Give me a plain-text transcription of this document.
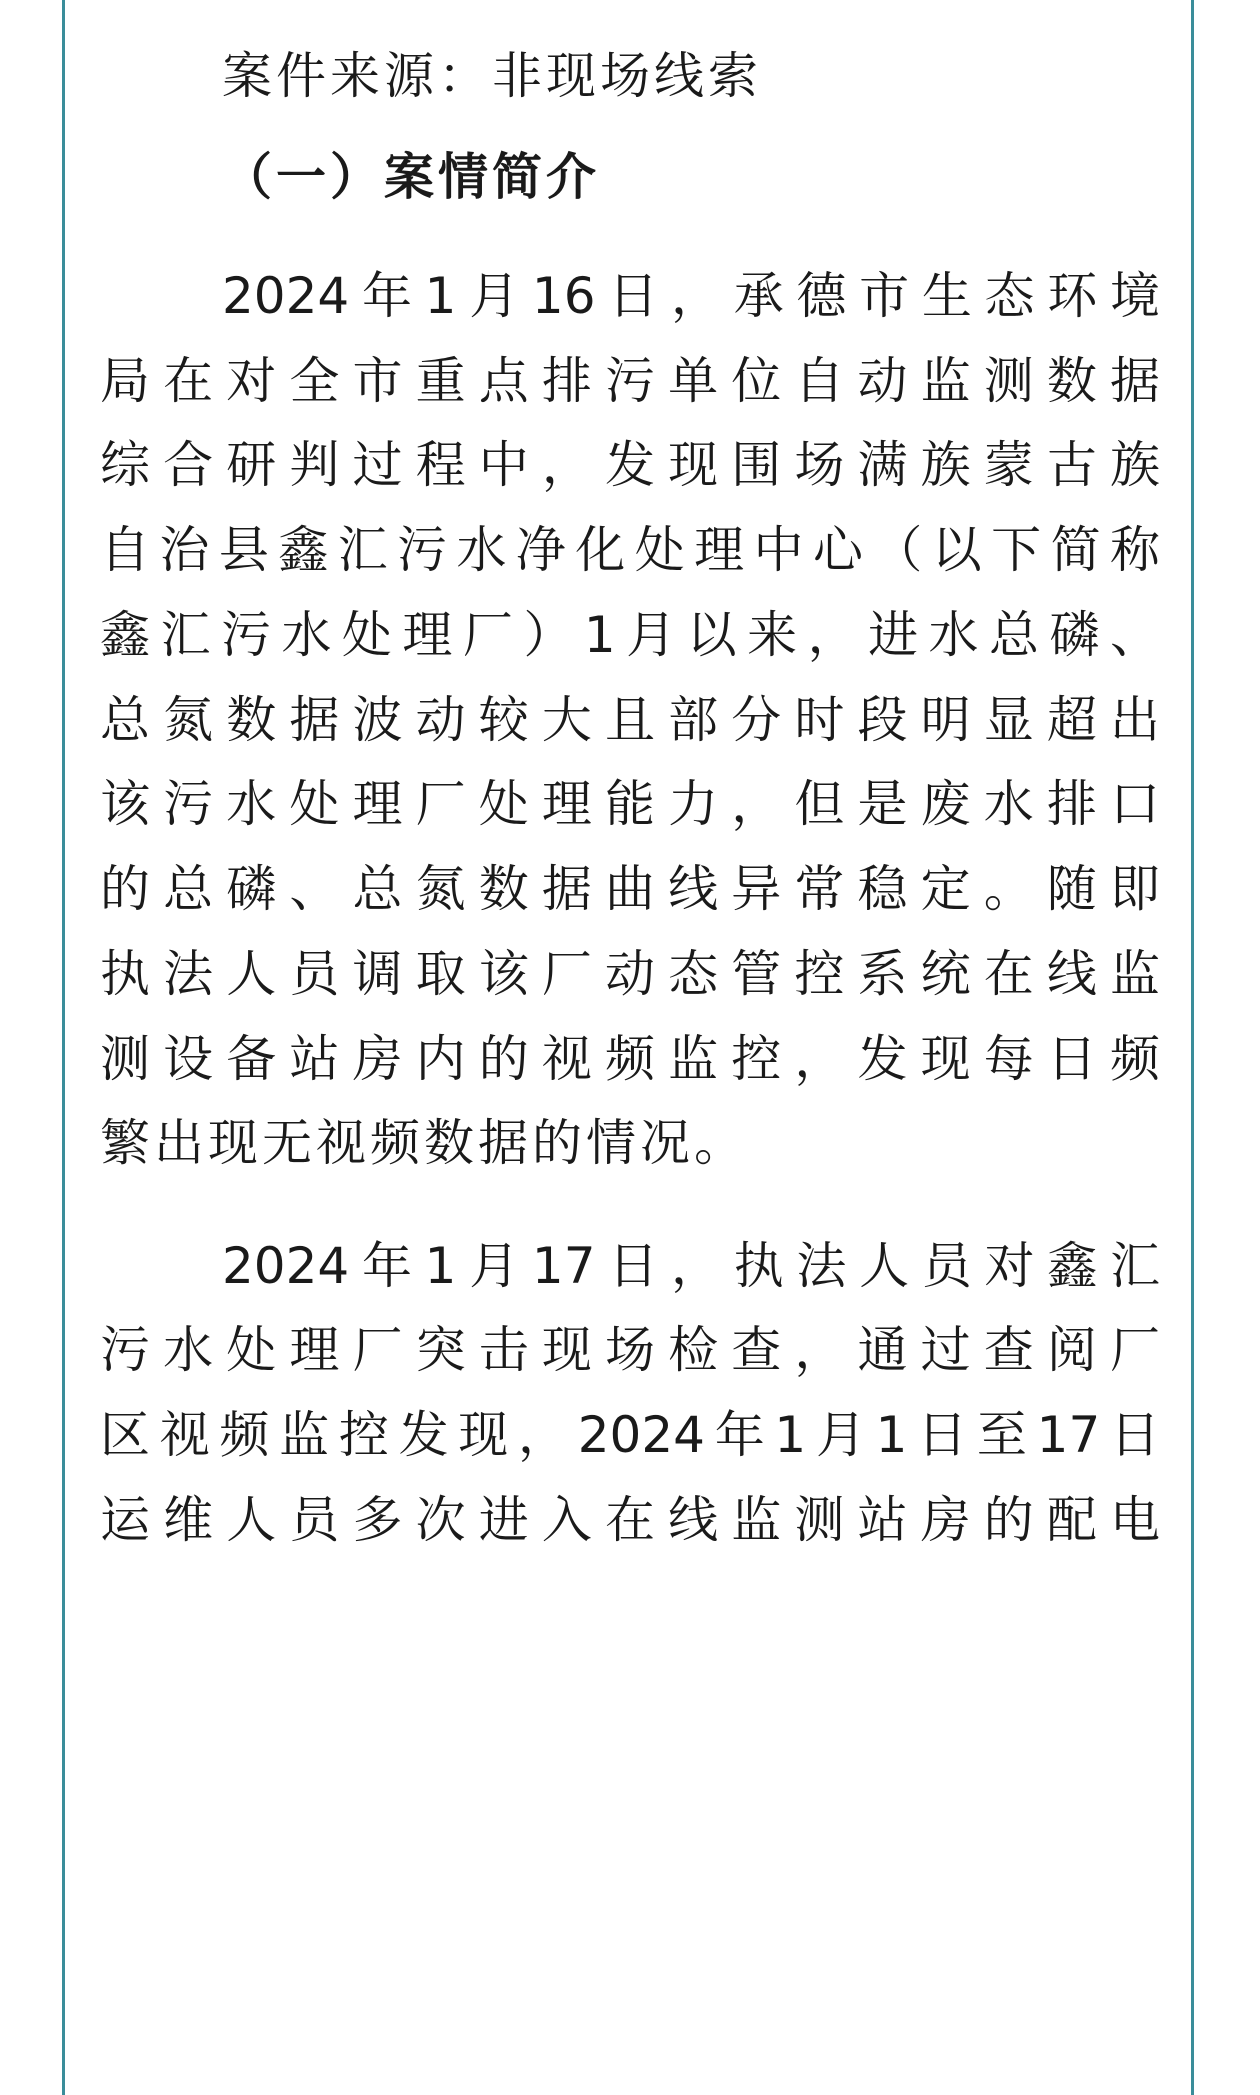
案件来源：非现场线索
（一）案情简介
2024年1月16日，承德市生态环境
局在对全市重点排污单位自动监测数据
综合研判过程中，发现围场满族蒙古族
自治县鑫汇污水净化处理中心（以下简称
鑫汇污水处理厂）1月以来，进水总磷、
总氮数据波动较大且部分时段明显超出
该污水处理厂处理能力，但是废水排口
的总磷、总氮数据曲线异常稳定。随即
执法人员调取该厂动态管控系统在线监
测设备站房内的视频监控，发现每日频
繁出现无视频数据的情况。
2024年1月17日，执法人员对鑫汇
污水处理厂突击现场检查，通过查阅厂
区视频监控发现，2024年1月1日至17日
运维人员多次进入在线监测站房的配电
